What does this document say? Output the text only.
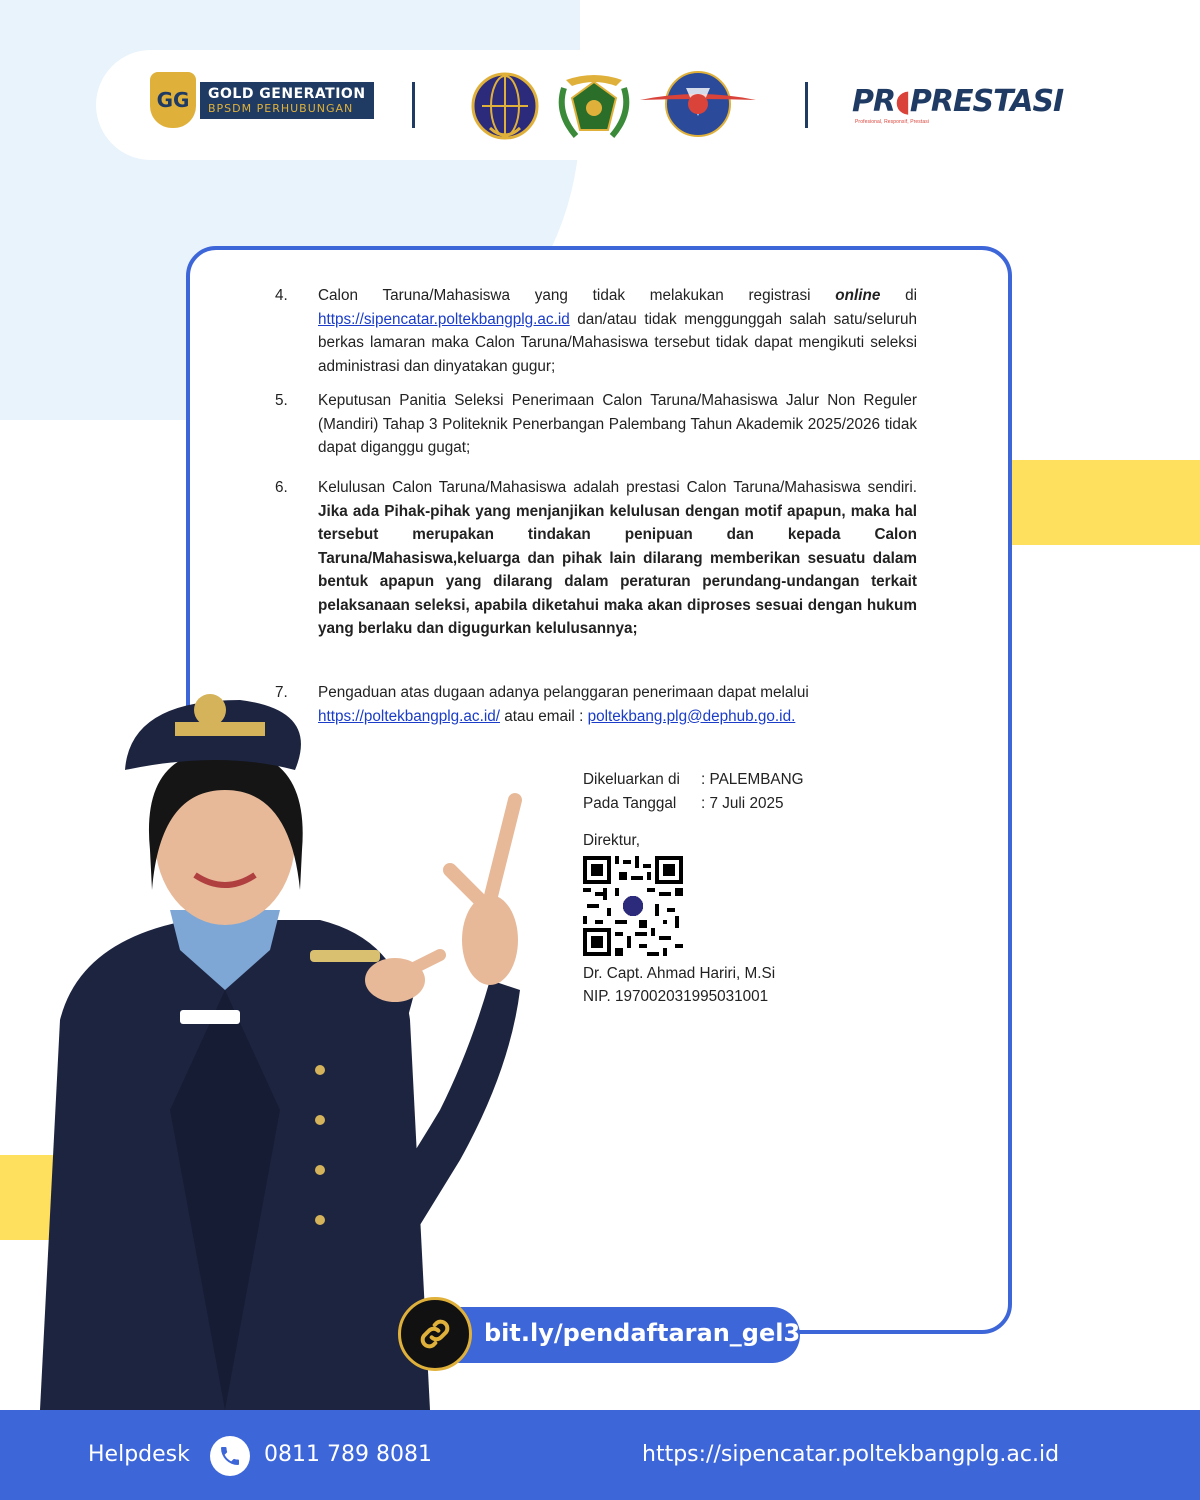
GG	GOLD GENERATION
BPSDM PERHUBUNGAN	PR◖PRESTASI
Profesional, Responsif, Prestasi
4. Calon Taruna/Mahasiswa yang tidak melakukan registrasi online di https://sipencatar.poltekbangplg.ac.id dan/atau tidak menggunggah salah satu/seluruh berkas lamaran maka Calon Taruna/Mahasiswa tersebut tidak dapat mengikuti seleksi administrasi dan dinyatakan gugur;
5. Keputusan Panitia Seleksi Penerimaan Calon Taruna/Mahasiswa Jalur Non Reguler (Mandiri) Tahap 3 Politeknik Penerbangan Palembang Tahun Akademik 2025/2026 tidak dapat diganggu gugat;
6. Kelulusan Calon Taruna/Mahasiswa adalah prestasi Calon Taruna/Mahasiswa sendiri. Jika ada Pihak-pihak yang menjanjikan kelulusan dengan motif apapun, maka hal tersebut merupakan tindakan penipuan dan kepada Calon Taruna/Mahasiswa,keluarga dan pihak lain dilarang memberikan sesuatu dalam bentuk apapun yang dilarang dalam peraturan perundang-undangan terkait pelaksanaan seleksi, apabila diketahui maka akan diproses sesuai dengan hukum yang berlaku dan digugurkan kelulusannya;
7. Pengaduan atas dugaan adanya pelanggaran penerimaan dapat melalui https://poltekbangplg.ac.id/ atau email : poltekbang.plg@dephub.go.id.
Dikeluarkan di	: PALEMBANG
Pada Tanggal	: 7 Juli 2025
Direktur,
Dr. Capt. Ahmad Hariri, M.Si
NIP. 197002031995031001
bit.ly/pendaftaran_gel3
Helpdesk	0811 789 8081	https://sipencatar.poltekbangplg.ac.id
